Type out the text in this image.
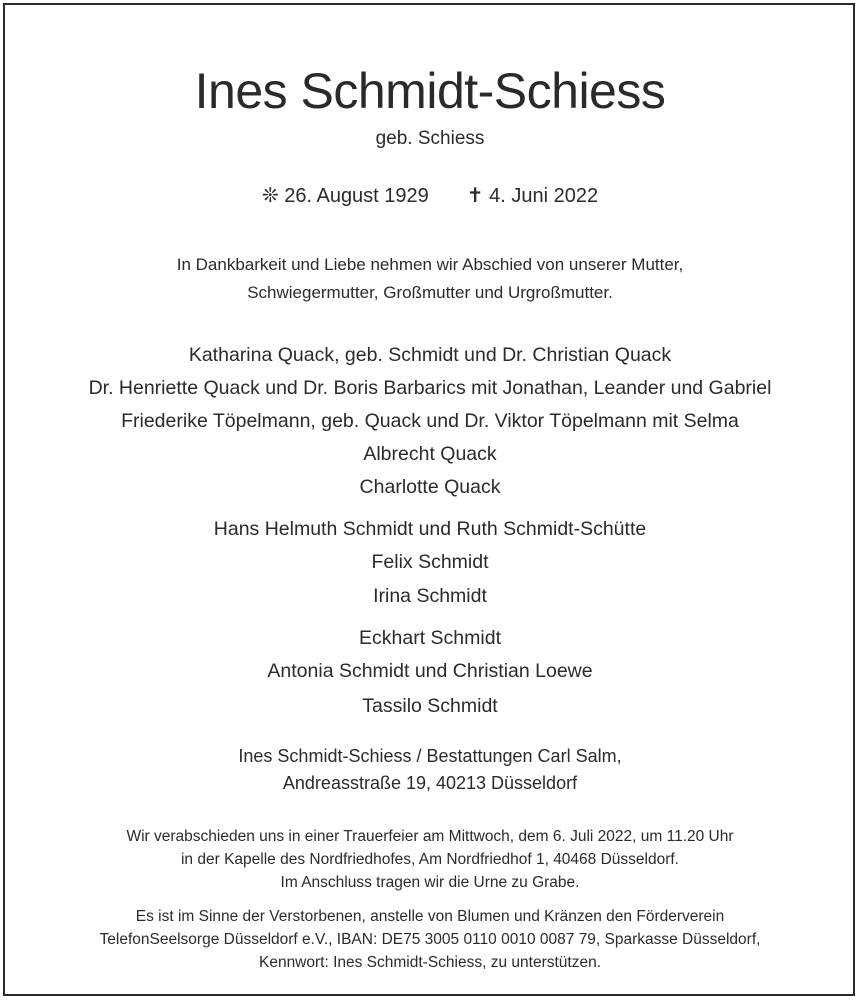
Ines Schmidt-Schiess
geb. Schiess
❊ 26. August 1929 ✝ 4. Juni 2022
In Dankbarkeit und Liebe nehmen wir Abschied von unserer Mutter,
Schwiegermutter, Großmutter und Urgroßmutter.
Katharina Quack, geb. Schmidt und Dr. Christian Quack
Dr. Henriette Quack und Dr. Boris Barbarics mit Jonathan, Leander und Gabriel
Friederike Töpelmann, geb. Quack und Dr. Viktor Töpelmann mit Selma
Albrecht Quack
Charlotte Quack
Hans Helmuth Schmidt und Ruth Schmidt-Schütte
Felix Schmidt
Irina Schmidt
Eckhart Schmidt
Antonia Schmidt und Christian Loewe
Tassilo Schmidt
Ines Schmidt-Schiess / Bestattungen Carl Salm,
Andreasstraße 19, 40213 Düsseldorf
Wir verabschieden uns in einer Trauerfeier am Mittwoch, dem 6. Juli 2022, um 11.20 Uhr
in der Kapelle des Nordfriedhofes, Am Nordfriedhof 1, 40468 Düsseldorf.
Im Anschluss tragen wir die Urne zu Grabe.
Es ist im Sinne der Verstorbenen, anstelle von Blumen und Kränzen den Förderverein
TelefonSeelsorge Düsseldorf e.V., IBAN: DE75 3005 0110 0010 0087 79, Sparkasse Düsseldorf,
Kennwort: Ines Schmidt-Schiess, zu unterstützen.
